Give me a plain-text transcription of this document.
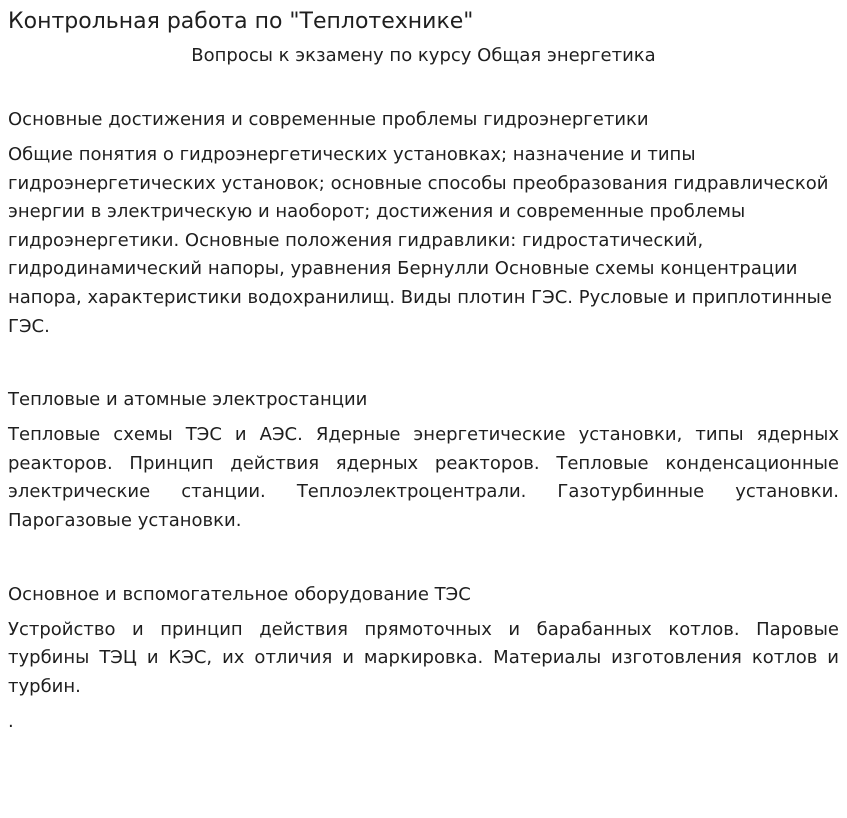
Контрольная работа по "Теплотехнике"
Вопросы к экзамену по курсу Общая энергетика
Основные достижения и современные проблемы гидроэнергетики

Общие понятия о гидроэнергетических установках; назначение и типы гидроэнергетических установок; основные способы преобразования гидравлической энергии в электрическую и наоборот; достижения и современные проблемы гидроэнергетики. Основные положения гидравлики: гидростатический, гидродинамический напоры, уравнения Бернулли Основные схемы концентрации напора, характеристики водохранилищ. Виды плотин ГЭС. Русловые и приплотинные ГЭС.

Тепловые и атомные электростанции

Тепловые схемы ТЭС и АЭС. Ядерные энергетические установки, типы ядерных реакторов. Принцип действия ядерных реакторов. Тепловые конденсационные электрические станции. Теплоэлектроцентрали. Газотурбинные установки. Парогазовые установки.

Основное и вспомогательное оборудование ТЭС

Устройство и принцип действия прямоточных и барабанных котлов. Паровые турбины ТЭЦ и КЭС, их отличия и маркировка. Материалы изготовления котлов и турбин.

.
